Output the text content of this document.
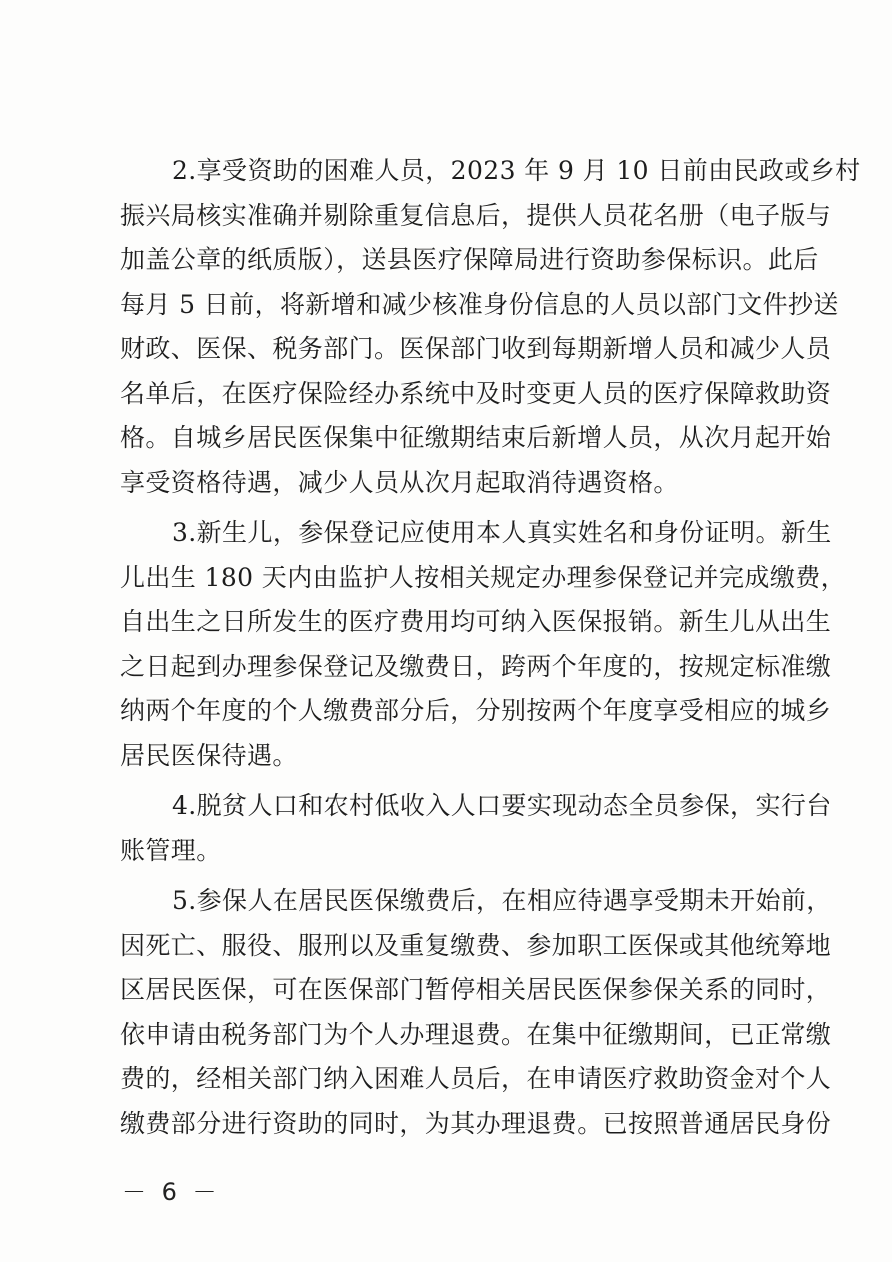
2.享受资助的困难人员，2023 年 9 月 10 日前由民政或乡村
振兴局核实准确并剔除重复信息后，提供人员花名册（电子版与
加盖公章的纸质版），送县医疗保障局进行资助参保标识。此后
每月 5 日前，将新增和减少核准身份信息的人员以部门文件抄送
财政、医保、税务部门。医保部门收到每期新增人员和减少人员
名单后，在医疗保险经办系统中及时变更人员的医疗保障救助资
格。自城乡居民医保集中征缴期结束后新增人员，从次月起开始
享受资格待遇，减少人员从次月起取消待遇资格。

3.新生儿，参保登记应使用本人真实姓名和身份证明。新生
儿出生 180 天内由监护人按相关规定办理参保登记并完成缴费，
自出生之日所发生的医疗费用均可纳入医保报销。新生儿从出生
之日起到办理参保登记及缴费日，跨两个年度的，按规定标准缴
纳两个年度的个人缴费部分后，分别按两个年度享受相应的城乡
居民医保待遇。

4.脱贫人口和农村低收入人口要实现动态全员参保，实行台
账管理。

5.参保人在居民医保缴费后，在相应待遇享受期未开始前，
因死亡、服役、服刑以及重复缴费、参加职工医保或其他统筹地
区居民医保，可在医保部门暂停相关居民医保参保关系的同时，
依申请由税务部门为个人办理退费。在集中征缴期间，已正常缴
费的，经相关部门纳入困难人员后，在申请医疗救助资金对个人
缴费部分进行资助的同时，为其办理退费。已按照普通居民身份

－ 6 －
